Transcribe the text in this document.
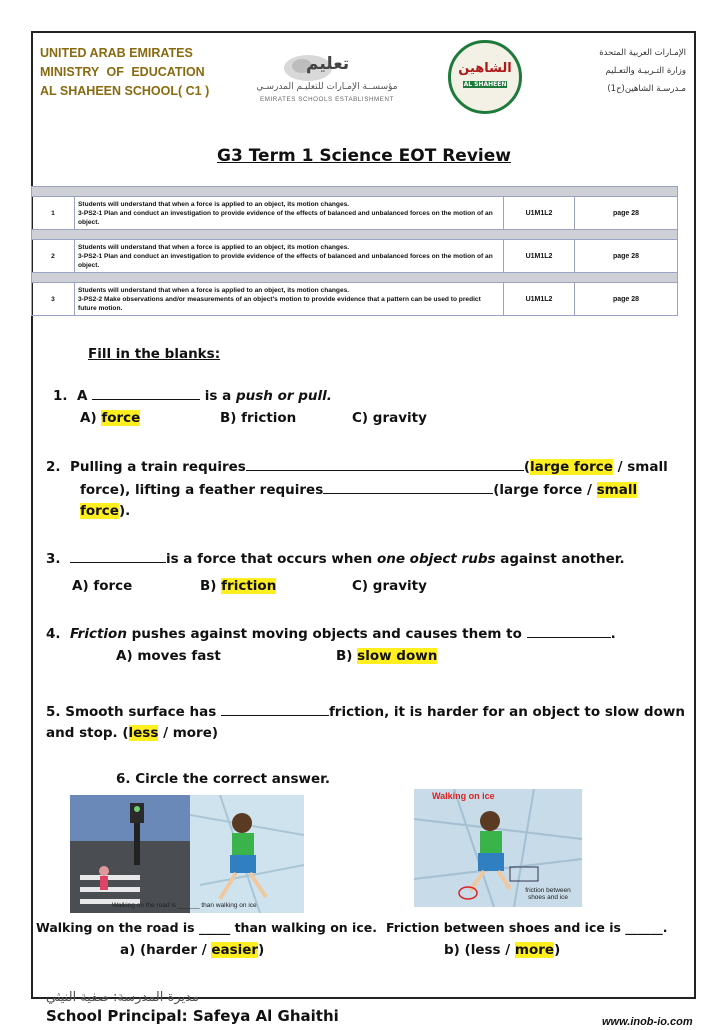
UNITED ARAB EMIRATES
MINISTRY OF EDUCATION
AL SHAHEEN SCHOOL( C1 )
تعليم
مؤسســة الإمـارات للتعليـم المدرسـي
EMIRATES SCHOOLS ESTABLISHMENT
الشاهين
AL SHAHEEN
الإمـارات العربية المتحدة
وزارة التـربيـة والتعـليم
مـدرسـة الشاهين(ح1)
G3 Term 1 Science EOT Review

1	Students will understand that when a force is applied to an object, its motion changes.
3-PS2-1 Plan and conduct an investigation to provide evidence of the effects of balanced and unbalanced forces on the motion of an object.	U1M1L2	page 28

2	Students will understand that when a force is applied to an object, its motion changes.
3-PS2-1 Plan and conduct an investigation to provide evidence of the effects of balanced and unbalanced forces on the motion of an object.	U1M1L2	page 28

3	Students will understand that when a force is applied to an object, its motion changes.
3-PS2-2 Make observations and/or measurements of an object's motion to provide evidence that a pattern can be used to predict future motion.	U1M1L2	page 28
Fill in the blanks:
1. A	is a push or pull.
A) force	B) friction	C) gravity
2. Pulling a train requires	(large force / small
force), lifting a feather requires	(large force / small
force).
3.	is a force that occurs when one object rubs against another.
A) force	B) friction	C) gravity
4. Friction pushes against moving objects and causes them to	.
A) moves fast	B) slow down
5. Smooth surface has	friction, it is harder for an object to slow down
and stop. (less / more)
6. Circle the correct answer.
Walking on the road is ______ than walking on ice
Walking on ice
friction between shoes and ice
Walking on the road is _____ than walking on ice. Friction between shoes and ice is ______.
a) (harder / easier)	b) (less / more)
مديرة المدرسة: صفية النيثي
School Principal: Safeya Al Ghaithi	www.inob-io.com
